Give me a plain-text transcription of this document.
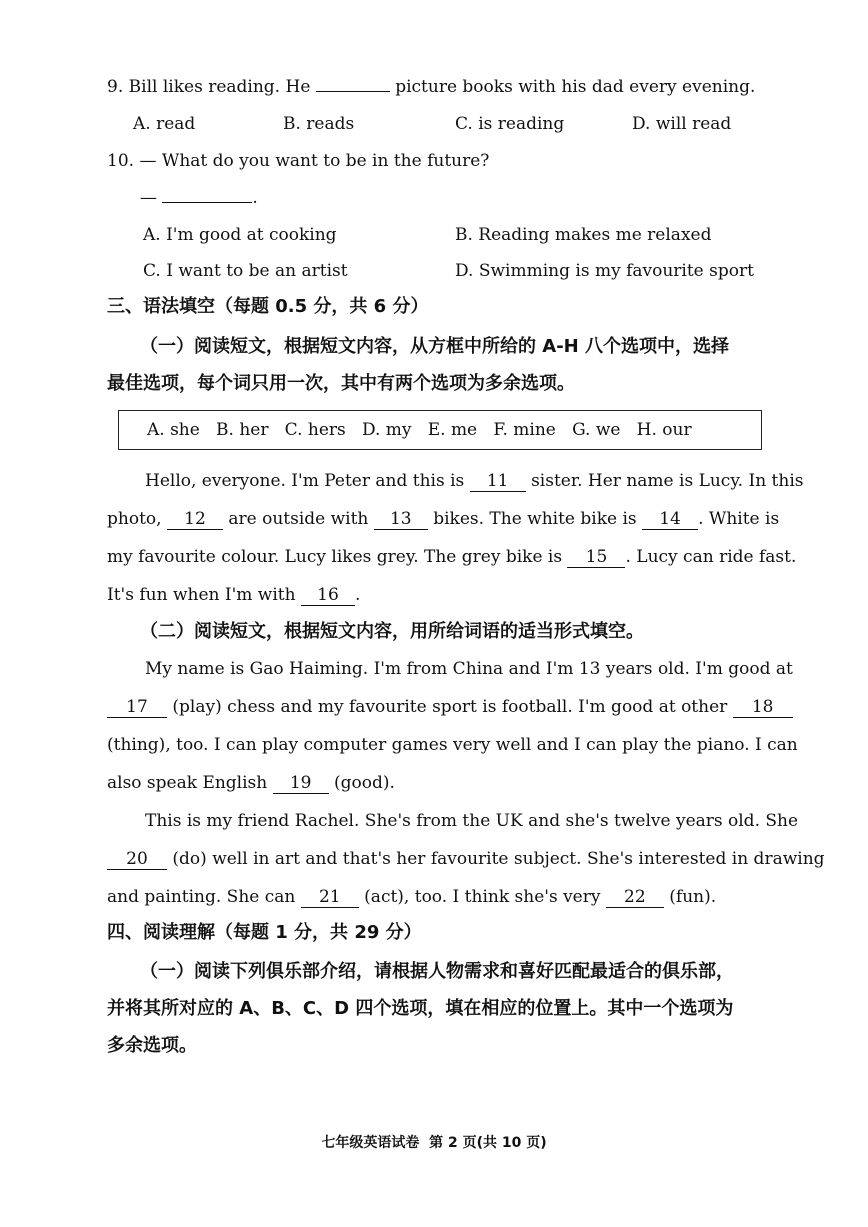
9. Bill likes reading. He	picture books with his dad every evening.
A. read	B. reads	C. is reading	D. will read
10. — What do you want to be in the future?
—	.
A. I'm good at cooking	B. Reading makes me relaxed
C. I want to be an artist	D. Swimming is my favourite sport
三、语法填空（每题 0.5 分，共 6 分）
（一）阅读短文，根据短文内容，从方框中所给的 A-H 八个选项中，选择
最佳选项，每个词只用一次，其中有两个选项为多余选项。
A. she   B. her   C. hers   D. my   E. me   F. mine   G. we   H. our
Hello, everyone. I'm Peter and this is 11 sister. Her name is Lucy. In this
photo, 12 are outside with 13 bikes. The white bike is 14 . White is
my favourite colour. Lucy likes grey. The grey bike is 15 . Lucy can ride fast.
It's fun when I'm with 16 .
（二）阅读短文，根据短文内容，用所给词语的适当形式填空。
My name is Gao Haiming. I'm from China and I'm 13 years old. I'm good at
17 (play) chess and my favourite sport is football. I'm good at other 18
(thing), too. I can play computer games very well and I can play the piano. I can
also speak English 19 (good).
This is my friend Rachel. She's from the UK and she's twelve years old. She
20 (do) well in art and that's her favourite subject. She's interested in drawing
and painting. She can 21 (act), too. I think she's very 22 (fun).
四、阅读理解（每题 1 分，共 29 分）
（一）阅读下列俱乐部介绍，请根据人物需求和喜好匹配最适合的俱乐部，
并将其所对应的 A、B、C、D 四个选项，填在相应的位置上。其中一个选项为
多余选项。
七年级英语试卷  第 2 页(共 10 页)
